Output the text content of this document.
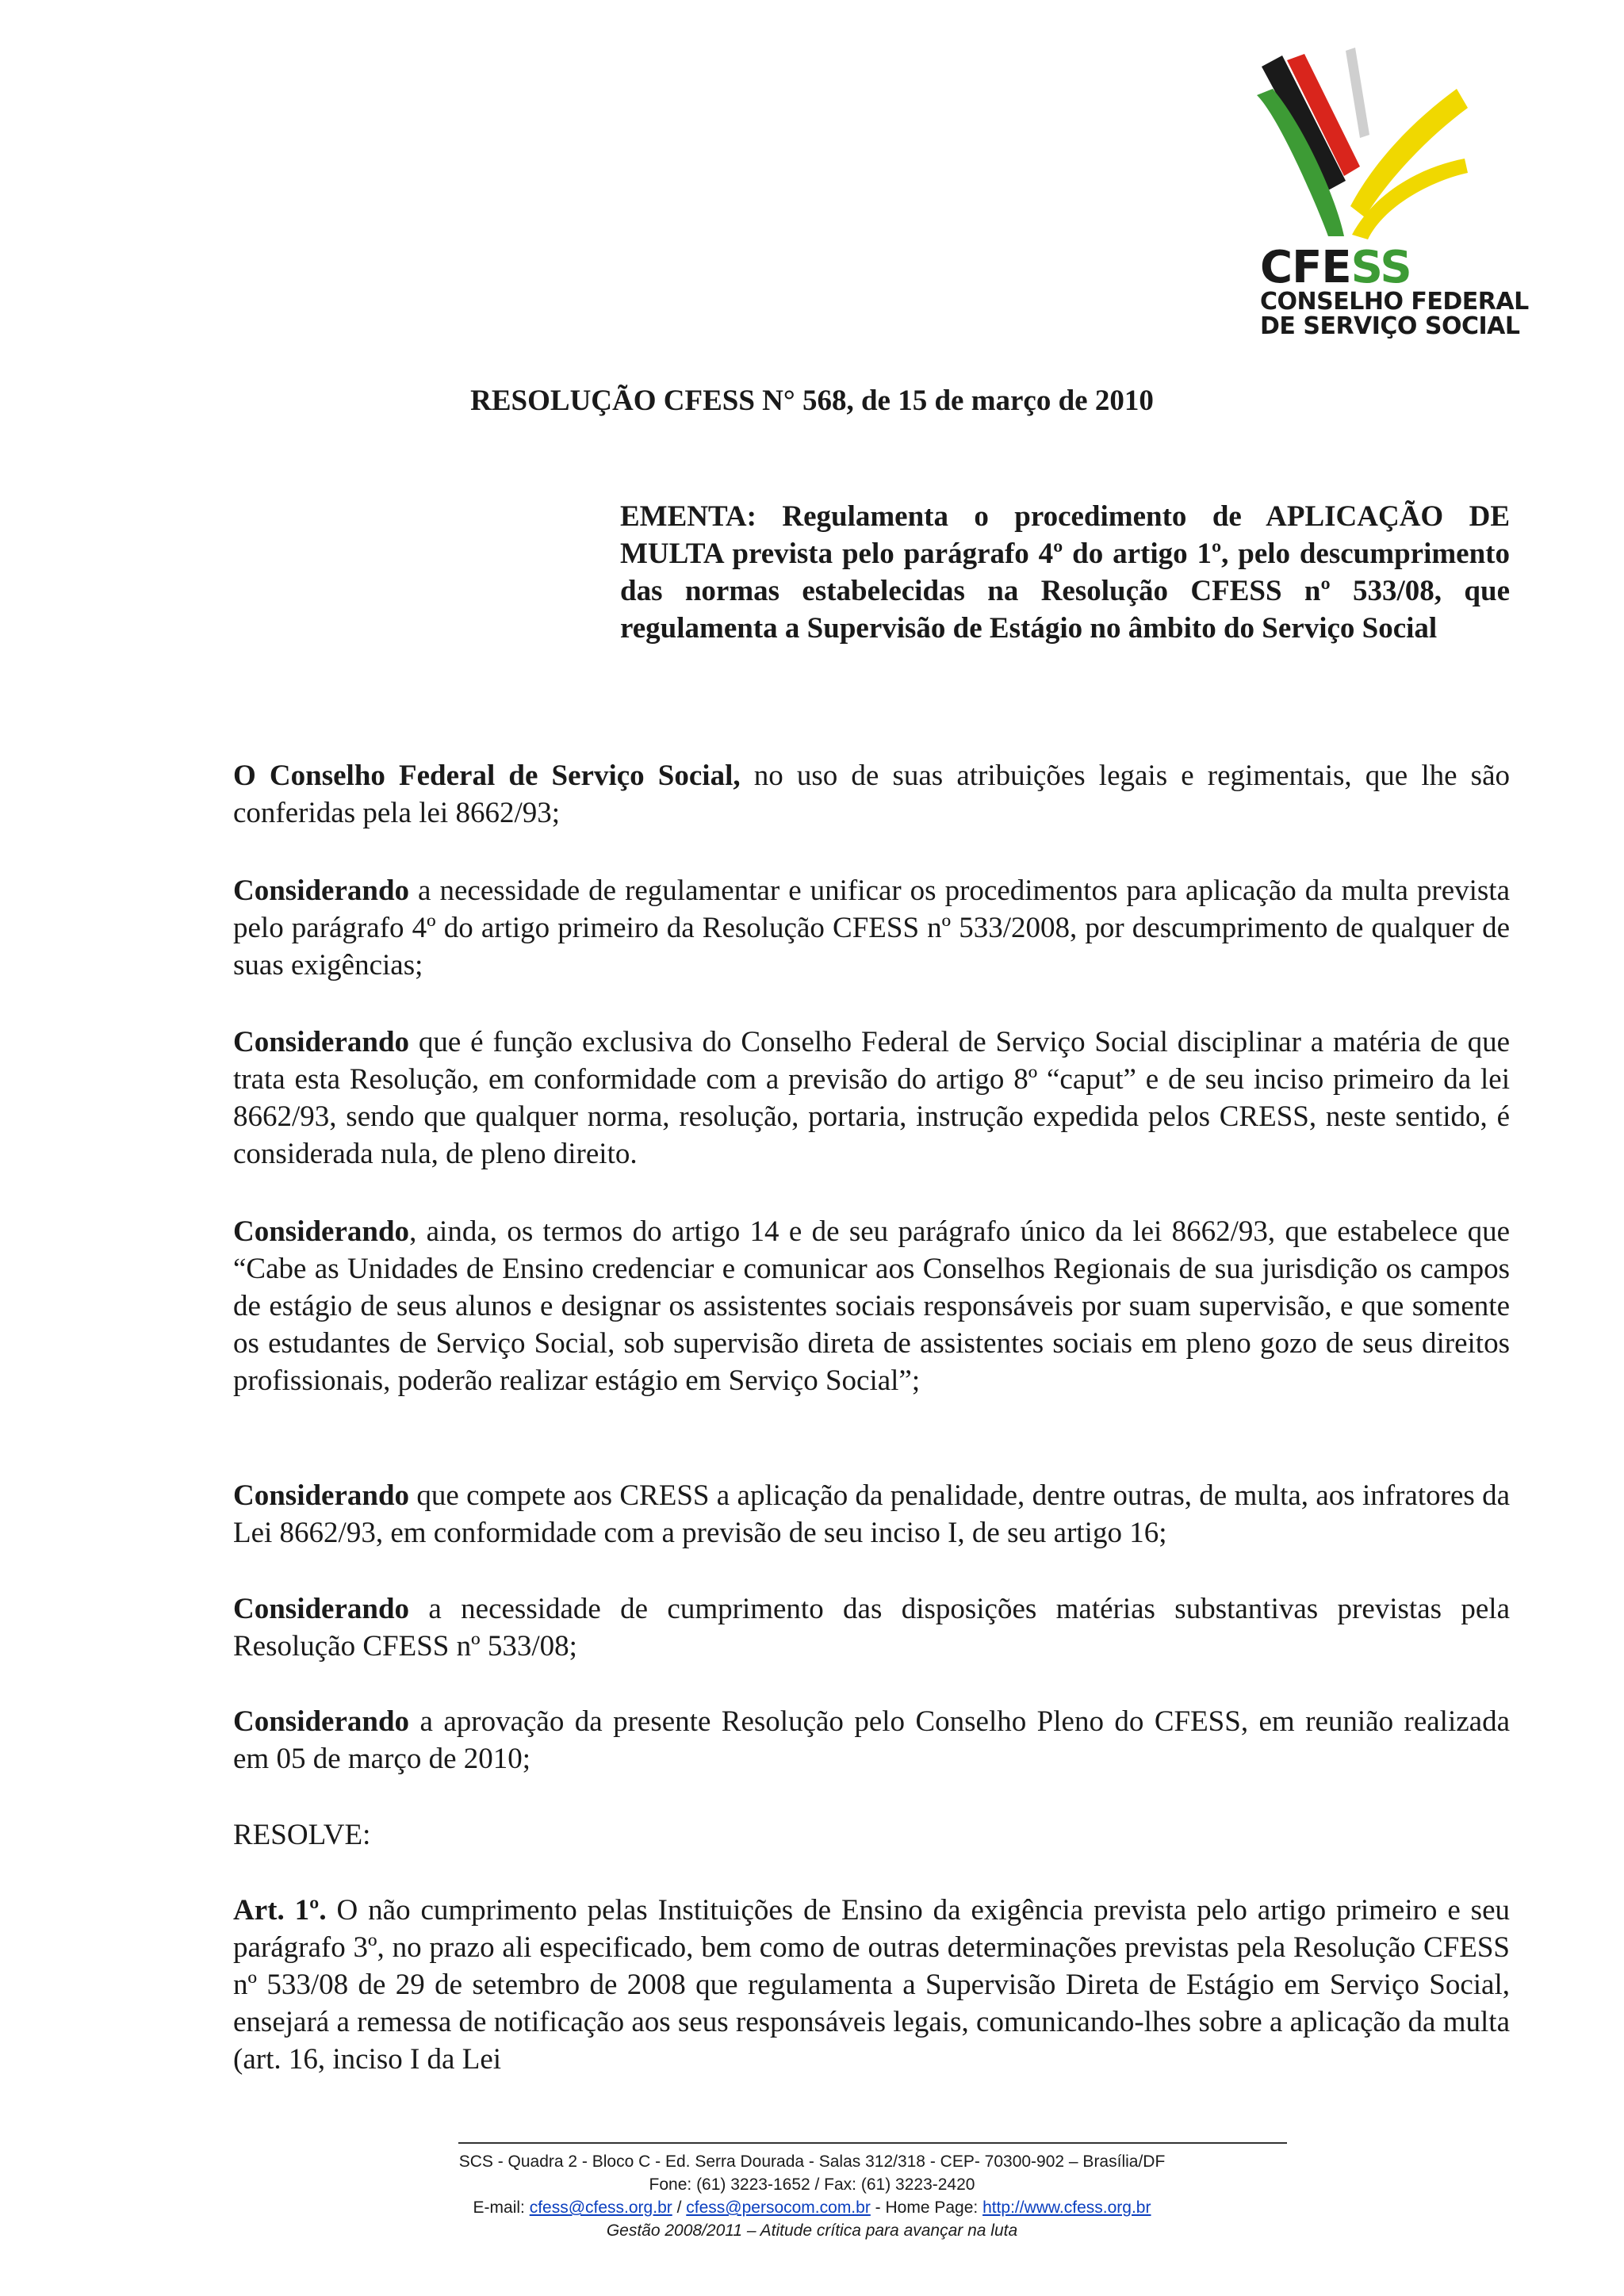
CFESS
CONSELHO FEDERAL
DE SERVIÇO SOCIAL
RESOLUÇÃO CFESS N° 568, de 15 de março de 2010

EMENTA: Regulamenta o procedimento de APLICAÇÃO DE MULTA prevista pelo parágrafo 4º do artigo 1º, pelo descumprimento das normas estabelecidas na Resolução CFESS nº 533/08, que regulamenta a Supervisão de Estágio no âmbito do Serviço Social

O Conselho Federal de Serviço Social, no uso de suas atribuições legais e regimentais, que lhe são conferidas pela lei 8662/93;

Considerando a necessidade de regulamentar e unificar os procedimentos para aplicação da multa prevista pelo parágrafo 4º do artigo primeiro da Resolução CFESS nº 533/2008, por descumprimento de qualquer de suas exigências;

Considerando que é função exclusiva do Conselho Federal de Serviço Social disciplinar a matéria de que trata esta Resolução, em conformidade com a previsão do artigo 8º “caput” e de seu inciso primeiro da lei 8662/93, sendo que qualquer norma, resolução, portaria, instrução expedida pelos CRESS, neste sentido, é considerada nula, de pleno direito.

Considerando, ainda, os termos do artigo 14 e de seu parágrafo único da lei 8662/93, que estabelece que “Cabe as Unidades de Ensino credenciar e comunicar aos Conselhos Regionais de sua jurisdição os campos de estágio de seus alunos e designar os assistentes sociais responsáveis por suam supervisão, e que somente os estudantes de Serviço Social, sob supervisão direta de assistentes sociais em pleno gozo de seus direitos profissionais, poderão realizar estágio em Serviço Social”;

Considerando que compete aos CRESS a aplicação da penalidade, dentre outras, de multa, aos infratores da Lei 8662/93, em conformidade com a previsão de seu inciso I, de seu artigo 16;

Considerando a necessidade de cumprimento das disposições matérias substantivas previstas pela Resolução CFESS nº 533/08;

Considerando a aprovação da presente Resolução pelo Conselho Pleno do CFESS, em reunião realizada em 05 de março de 2010;

RESOLVE:

Art. 1º. O não cumprimento pelas Instituições de Ensino da exigência prevista pelo artigo primeiro e seu parágrafo 3º, no prazo ali especificado, bem como de outras determinações previstas pela Resolução CFESS nº 533/08 de 29 de setembro de 2008 que regulamenta a Supervisão Direta de Estágio em Serviço Social, ensejará a remessa de notificação aos seus responsáveis legais, comunicando-lhes sobre a aplicação da multa (art. 16, inciso I da Lei

SCS - Quadra 2 - Bloco C - Ed. Serra Dourada - Salas 312/318 - CEP- 70300-902 – Brasília/DF
Fone: (61) 3223-1652 / Fax: (61) 3223-2420
E-mail: cfess@cfess.org.br / cfess@persocom.com.br - Home Page: http://www.cfess.org.br
Gestão 2008/2011 – Atitude crítica para avançar na luta
